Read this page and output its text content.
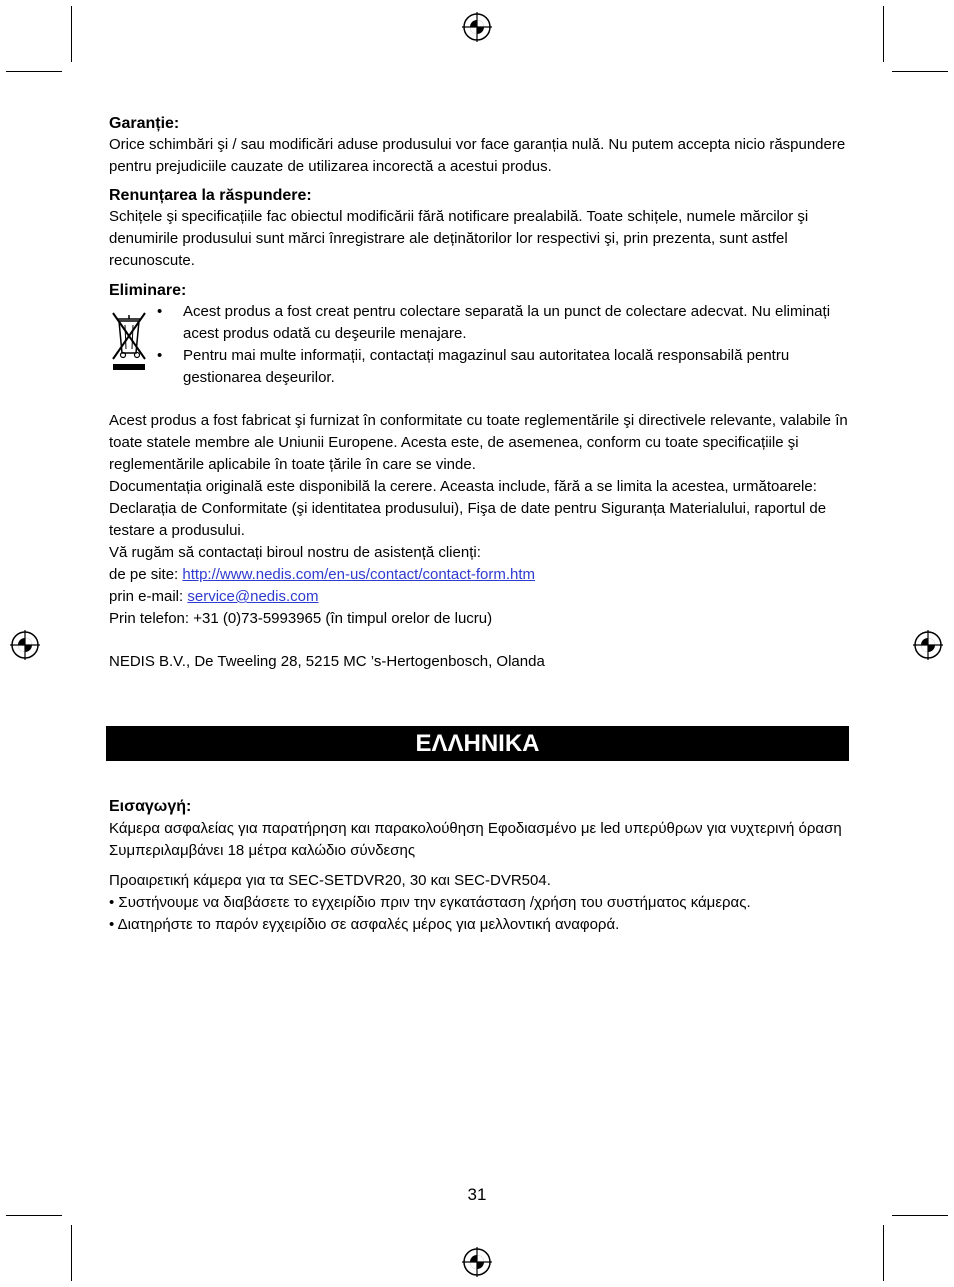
Garanție:

Orice schimbări şi / sau modificări aduse produsului vor face garanția nulă. Nu putem accepta nicio răspundere pentru prejudiciile cauzate de utilizarea incorectă a acestui produs.

Renunțarea la răspundere:

Schițele şi specificațiile fac obiectul modificării fără notificare prealabilă. Toate schițele, numele mărcilor şi denumirile produsului sunt mărci înregistrare ale deținătorilor lor respectivi şi, prin prezenta, sunt astfel recunoscute.

Eliminare:

• Acest produs a fost creat pentru colectare separată la un punct de colectare adecvat. Nu eliminați acest produs odată cu deşeurile menajare.
• Pentru mai multe informații, contactați magazinul sau autoritatea locală responsabilă pentru gestionarea deşeurilor.

Acest produs a fost fabricat şi furnizat în conformitate cu toate reglementările şi directivele relevante, valabile în toate statele membre ale Uniunii Europene. Acesta este, de asemenea, conform cu toate specificațiile şi reglementările aplicabile în toate țările în care se vinde.

Documentația originală este disponibilă la cerere. Aceasta include, fără a se limita la acestea, următoarele: Declarația de Conformitate (şi identitatea produsului), Fişa de date pentru Siguranța Materialului, raportul de testare a produsului.

Vă rugăm să contactați biroul nostru de asistență clienți:

de pe site: http://www.nedis.com/en-us/contact/contact-form.htm

prin e-mail: service@nedis.com

Prin telefon: +31 (0)73-5993965 (în timpul orelor de lucru)

NEDIS B.V., De Tweeling 28, 5215 MC ’s-Hertogenbosch, Olanda

ΕΛΛΗΝΙΚΑ

Εισαγωγή:

Κάμερα ασφαλείας για παρατήρηση και παρακολούθηση Εφοδιασμένο με led υπερύθρων για νυχτερινή όραση Συμπεριλαμβάνει 18 μέτρα καλώδιο σύνδεσης

Προαιρετική κάμερα για τα SEC-SETDVR20, 30 και SEC-DVR504.

• Συστήνουμε να διαβάσετε το εγχειρίδιο πριν την εγκατάσταση /χρήση του συστήματος κάμερας.

• Διατηρήστε το παρόν εγχειρίδιο σε ασφαλές μέρος για μελλοντική αναφορά.

31
